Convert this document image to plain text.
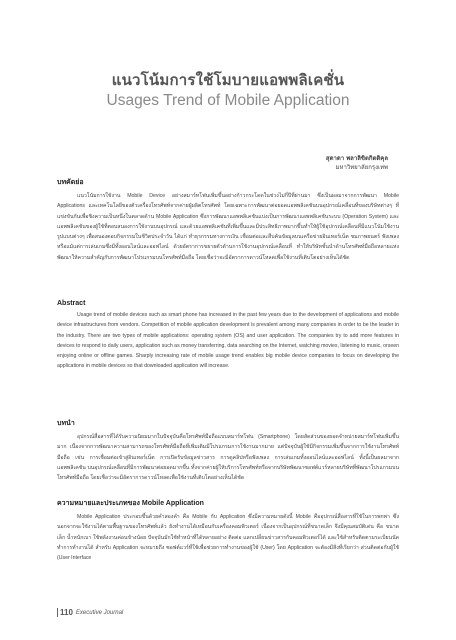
แนวโน้มการใช้โมบายแอพพลิเคชั่น
Usages Trend of Mobile Application
สุดาดา พลาลิขิตกิตติคุล
มหาวิทยาลัยกรุงเทพ
บทคัดย่อ

แนวโน้มการใช้งาน Mobile Device อย่างสมาร์ทโฟนเพิ่มขึ้นอย่างก้าวกระโดดในช่วงไม่กี่ปีที่ผ่านมา ซึ่งเป็นผลมาจากการพัฒนา Mobile Applications และเทคโนโลยีของตัวเครื่องโทรศัพท์จากค่ายผู้ผลิตโทรศัพท์ โดยเฉพาะการพัฒนาต่อยอดแอพพลิเคชันบนอุปกรณ์เคลื่อนที่ของบริษัทต่างๆ ที่แข่งขันกันเพื่อชิงความเป็นหนึ่งในตลาดด้าน Mobile Application ซึ่งการพัฒนาแอพพลิเคชันแบ่งเป็นการพัฒนาแอพพลิเคชันระบบ (Operation System) และแอพพลิเคชันของผู้ใช้ที่ตอบสนองการใช้งานบนอุปกรณ์ และด้วยแอพพลิเคชันที่เพิ่มขึ้นและมีประสิทธิภาพมากขึ้นทำให้ผู้ใช้อุปกรณ์เคลื่อนที่มีแนวโน้มใช้งานรูปแบบต่างๆ เพื่อสนองตอบกิจกรรมในชีวิตประจำวัน ได้แก่ ทำธุรกรรมทางการเงิน เชื่อมต่อและสืบค้นข้อมูลบนเครือข่ายอินเทอร์เน็ต ชมภาพยนตร์ ฟังเพลง หรือแม้แต่การเล่นเกมซึ่งมีทั้งออนไลน์และออฟไลน์ ด้วยอัตราการขยายตัวด้านการใช้งานอุปกรณ์เคลื่อนที่ ทำให้บริษัทชั้นนำด้านโทรศัพท์มือถือหลายแห่งพัฒนาให้ความสำคัญกับการพัฒนาโปรแกรมบนโทรศัพท์มือถือ โดยเชื่อว่าจะมีอัตราการดาวน์โหลดเพื่อใช้งานที่เติบโตอย่างเห็นได้ชัด

Abstract

Usage trend of mobile devices such as smart phone has increased in the past few years due to the development of applications and mobile device infrastructures from vendors. Competition of mobile application development is prevalent among many companies in order to be the leader in the industry. There are two types of mobile applications: operating system (OS) and user application. The companies try to add more features in devices to respond to daily users, application such as money transferring, data searching on the Internet, watching movies, listening to music, orseen enjoying online or offline games. Sharply increasing rate of mobile usage trend enables big mobile device companies to focus on developing the applications in mobile devices so that downloaded application will increase.

บทนำ

อุปกรณ์สื่อสารที่ได้รับความนิยมมากในปัจจุบันคือโทรศัพท์มือถือแบบสมาร์ทโฟน (Smartphone) โดยสัดส่วนของยอดจำหน่ายสมาร์ทโฟนเพิ่มขึ้นมาก เนื่องจากการพัฒนาความสามารถของโทรศัพท์มือถือที่เพิ่มเติมมีโปรแกรมการใช้งานมากมาย แต่ปัจจุบันผู้ใช้มีกิจกรรมเพิ่มขึ้นจากการใช้งานโทรศัพท์มือถือ เช่น การเชื่อมต่อเข้าสู่อินเทอร์เน็ต การเปิดรับข้อมูลข่าวสาร การดูคลิปหรือฟังเพลง การเล่นเกมทั้งออนไลน์และออฟไลน์ ทั้งนี้เป็นผลมาจากแอพพลิเคชัน บนอุปกรณ์เคลื่อนที่มีการพัฒนาต่อยอดมากขึ้น ทั้งจากค่ายผู้ให้บริการโทรศัพท์หรือจากบริษัทพัฒนาซอฟต์แวร์หลายบริษัทที่พัฒนาโปรแกรมบนโทรศัพท์มือถือ โดยเชื่อว่าจะมีอัตราการดาวน์โหลดเพื่อใช้งานที่เติบโตอย่างเห็นได้ชัด

ความหมายและประเภทของ Mobile Application

Mobile Application ประกอบขึ้นด้วยคำสองคำ คือ Mobile กับ Application ซึ่งมีความหมายดังนี้ Mobile คืออุปกรณ์สื่อสารที่ใช้ในการพกพา ซึ่งนอกจากจะใช้งานได้ตามพื้นฐานของโทรศัพท์แล้ว ยังทำงานได้เหมือนกับเครื่องคอมพิวเตอร์ เนื่องจากเป็นอุปกรณ์ที่ขนาดเล็ก จึงมีคุณสมบัติเด่น คือ ขนาดเล็ก น้ำหนักเบา ใช้พลังงานค่อนข้างน้อย ปัจจุบันมักใช้ทำหน้าที่ได้หลายอย่าง ติดต่อ แลกเปลี่ยนข่าวสารกับคอมพิวเตอร์ได้ และใช้สำหรับติดตามระเบียนนัดทำการทำงานได้ สำหรับ Application จะหมายถึง ซอฟต์แวร์ที่ใช้เพื่อช่วยการทำงานของผู้ใช้ (User) โดย Application จะต้องมีสิ่งที่เรียกว่า ส่วนติดต่อกับผู้ใช้ (User Interface

110 Executive Journal
